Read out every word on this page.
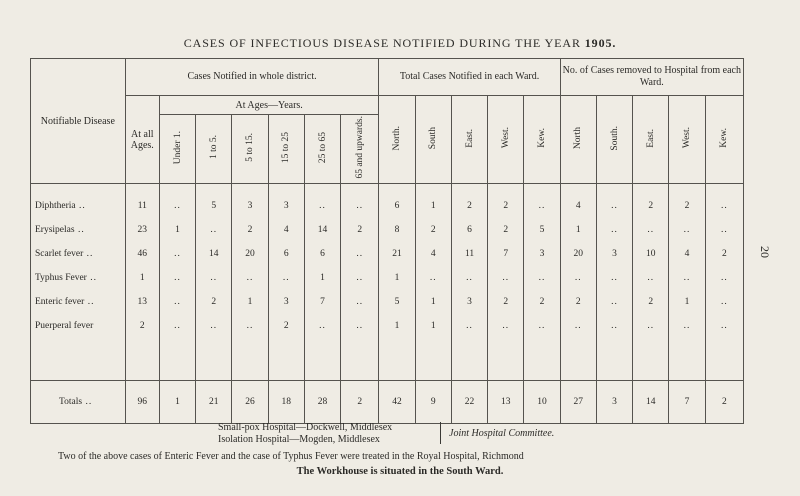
CASES OF INFECTIOUS DISEASE NOTIFIED DURING THE YEAR 1905.
20
Notifiable Disease	Cases Notified in whole district.							Total Cases Notified in each Ward.					No. of Cases removed to Hospital from each Ward.				
	At all Ages.	At Ages—Years.						North.	South	East.	West.	Kew.	North	South.	East.	West.	Kew.
		Under 1.	1 to 5.	5 to 15.	15 to 25	25 to 65	65 and upwards.										

Diphtheria ..	11	..	5	3	3	..	..	6	1	2	2	..	4	..	2	2	..
Erysipelas ..	23	1	..	2	4	14	2	8	2	6	2	5	1	..	..	..	..
Scarlet fever ..	46	..	14	20	6	6	..	21	4	11	7	3	20	3	10	4	2
Typhus Fever ..	1	..	..	..	..	1	..	1	..	..	..	..	..	..	..	..	..
Enteric fever ..	13	..	2	1	3	7	..	5	1	3	2	2	2	..	2	1	..
Puerperal fever	2	..	..	..	2	..	..	1	1	..	..	..	..	..	..	..	..

Totals ..	96	1	21	26	18	28	2	42	9	22	13	10	27	3	14	7	2
Small-pox Hospital—Dockwell, Middlesex
Isolation Hospital—Mogden, Middlesex
Joint Hospital Committee.
Two of the above cases of Enteric Fever and the case of Typhus Fever were treated in the Royal Hospital, Richmond
The Workhouse is situated in the South Ward.
